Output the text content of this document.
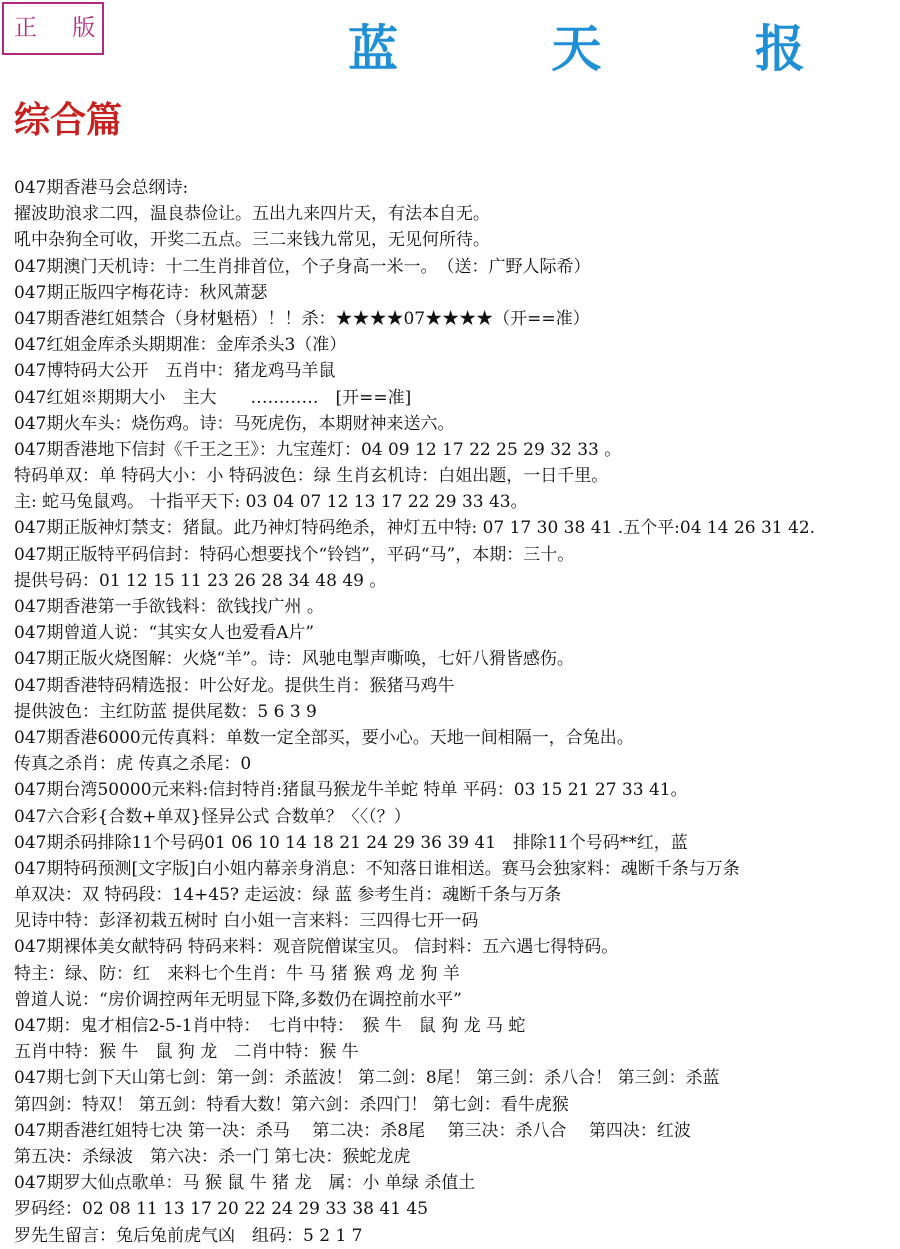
正 版	蓝 天 报
综合篇
047期香港马会总纲诗:
擢波助浪求二四，温良恭俭让。五出九来四片天，有法本自无。
吼中杂狗全可收，开奖二五点。三二来钱九常见，无见何所待。
047期澳门天机诗：十二生肖排首位，个子身高一米一。　（送：广野人际希）
047期正版四字梅花诗：秋风萧瑟
047期香港红姐禁合（身材魁梧）！！杀：★★★★07★★★★（开==准）
047红姐金库杀头期期准：金库杀头3（准）
047博特码大公开　五肖中：猪龙鸡马羊鼠
047红姐※期期大小　主大　　…………　[开==准]
047期火车头：烧伤鸡。诗：马死虎伤，本期财神来送六。
047期香港地下信封《千王之王》：九宝莲灯：04 09 12 17 22 25 29 32 33 。
特码单双：单 特码大小：小 特码波色：绿 生肖玄机诗：白姐出题，一日千里。
主: 蛇马兔鼠鸡。 十指平天下: 03 04 07 12 13 17 22 29 33 43。
047期正版神灯禁支：猪鼠。此乃神灯特码绝杀，神灯五中特: 07 17 30 38 41 .五个平:04 14 26 31 42.
047期正版特平码信封：特码心想要找个“铃铛”，平码“马”，本期：三十。
提供号码：01 12 15 11 23 26 28 34 48 49 。
047期香港第一手欲钱料：欲钱找广州 。
047期曾道人说：“其实女人也爱看A片”
047期正版火烧图解：火烧“羊”。诗：风驰电掣声嘶唤，七奸八猾皆感伤。
047期香港特码精选报：叶公好龙。提供生肖：猴猪马鸡牛
提供波色：主红防蓝 提供尾数：5 6 3 9
047期香港6000元传真料：单数一定全部买，要小心。天地一间相隔一，合兔出。
传真之杀肖：虎 传真之杀尾：0
047期台湾50000元来料:信封特肖:猪鼠马猴龙牛羊蛇 特单 平码：03 15 21 27 33 41。
047六合彩{合数+单双}怪异公式 合数单？〈〈（？）
047期杀码排除11个号码01 06 10 14 18 21 24 29 36 39 41　排除11个号码**红，蓝
047期特码预测[文字版]白小姐内幕亲身消息：不知落日谁相送。赛马会独家料：魂断千条与万条
单双决：双 特码段：14+45? 走运波：绿 蓝 参考生肖：魂断千条与万条
见诗中特：彭泽初栽五树时 白小姐一言来料：三四得七开一码
047期裸体美女献特码 特码来料：观音院僧谋宝贝。 信封料：五六遇七得特码。
特主：绿、防：红　来料七个生肖：牛 马 猪 猴 鸡 龙 狗 羊
曾道人说：“房价调控两年无明显下降,多数仍在调控前水平”
047期：鬼才相信2-5-1肖中特：　七肖中特：　猴 牛　鼠 狗 龙 马 蛇
五肖中特：猴 牛　鼠 狗 龙　二肖中特：猴 牛
047期七剑下天山第七剑：第一剑：杀蓝波！ 第二剑：8尾！ 第三剑：杀八合！ 第三剑：杀蓝
第四剑：特双！ 第五剑：特看大数！第六剑：杀四门！ 第七剑：看牛虎猴
047期香港红姐特七决 第一决：杀马　 第二决：杀8尾　 第三决：杀八合　 第四决：红波
第五决：杀绿波　第六决：杀一门 第七决：猴蛇龙虎
047期罗大仙点歌单：马 猴 鼠 牛 猪 龙　属：小 单绿 杀值土
罗码经：02 08 11 13 17 20 22 24 29 33 38 41 45
罗先生留言：兔后兔前虎气凶　组码：5 2 1 7
